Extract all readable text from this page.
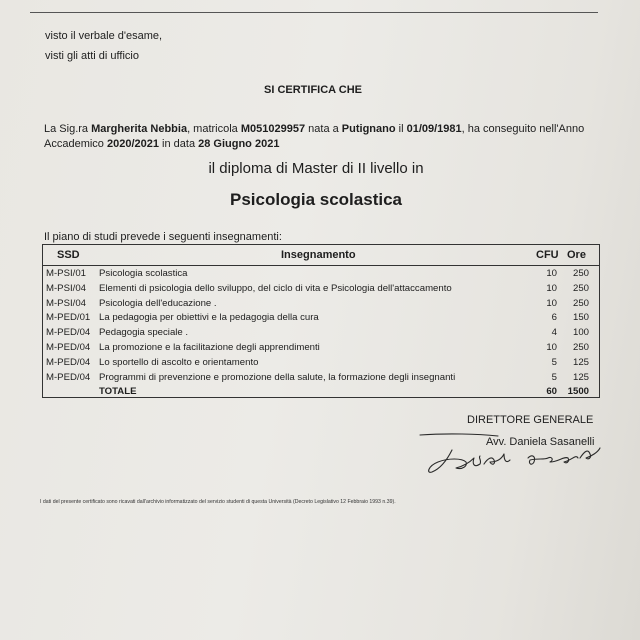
visto il verbale d'esame,
visti gli atti di ufficio
SI CERTIFICA CHE
La Sig.ra Margherita Nebbia, matricola M051029957 nata a Putignano il 01/09/1981, ha conseguito nell'Anno Accademico 2020/2021 in data 28 Giugno 2021
il diploma di Master di II livello in
Psicologia scolastica
Il piano di studi prevede i seguenti insegnamenti:
SSD	Insegnamento	CFU Ore
M-PSI/01 Psicologia scolastica	10 250
M-PSI/04 Elementi di psicologia dello sviluppo, del ciclo di vita e Psicologia dell'attaccamento	10 250
M-PSI/04 Psicologia dell'educazione .	10 250
M-PED/01 La pedagogia per obiettivi e la pedagogia della cura	6 150
M-PED/04 Pedagogia speciale .	4 100
M-PED/04 La promozione e la facilitazione degli apprendimenti	10 250
M-PED/04 Lo sportello di ascolto e orientamento	5 125
M-PED/04 Programmi di prevenzione e promozione della salute, la formazione degli insegnanti	5 125
TOTALE	60 1500
DIRETTORE GENERALE
Avv. Daniela Sasanelli
I dati del presente certificato sono ricavati dall'archivio informatizzato del servizio studenti di questa Università (Decreto Legislativo 12 Febbraio 1993 n.39).
